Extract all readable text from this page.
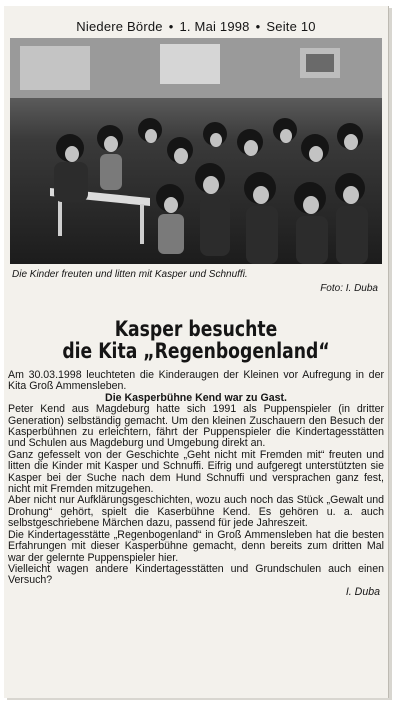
Niedere Börde • 1. Mai 1998 • Seite 10
Die Kinder freuten und litten mit Kasper und Schnuffi.
Foto: I. Duba
Kasper besuchte
die Kita „Regenbogenland“

Am 30.03.1998 leuchteten die Kinderaugen der Kleinen vor Aufregung in der Kita Groß Ammensleben.

Die Kasperbühne Kend war zu Gast.

Peter Kend aus Magdeburg hatte sich 1991 als Puppenspieler (in dritter Generation) selbständig gemacht. Um den kleinen Zuschauern den Besuch der Kasperbühnen zu erleichtern, fährt der Puppenspieler die Kindertagesstätten und Schulen aus Magdeburg und Umgebung direkt an.

Ganz gefesselt von der Geschichte „Geht nicht mit Fremden mit“ freuten und litten die Kinder mit Kasper und Schnuffi. Eifrig und aufgeregt unterstützten sie Kasper bei der Suche nach dem Hund Schnuffi und versprachen ganz fest, nicht mit Fremden mitzugehen.

Aber nicht nur Aufklärungsgeschichten, wozu auch noch das Stück „Gewalt und Drohung“ gehört, spielt die Kaserbühne Kend. Es gehören u. a. auch selbstgeschriebene Märchen dazu, passend für jede Jahreszeit.

Die Kindertagesstätte „Regenbogenland“ in Groß Ammensleben hat die besten Erfahrungen mit dieser Kasperbühne gemacht, denn bereits zum dritten Mal war der gelernte Puppenspieler hier.

Vielleicht wagen andere Kindertagesstätten und Grundschulen auch einen Versuch?

I. Duba
